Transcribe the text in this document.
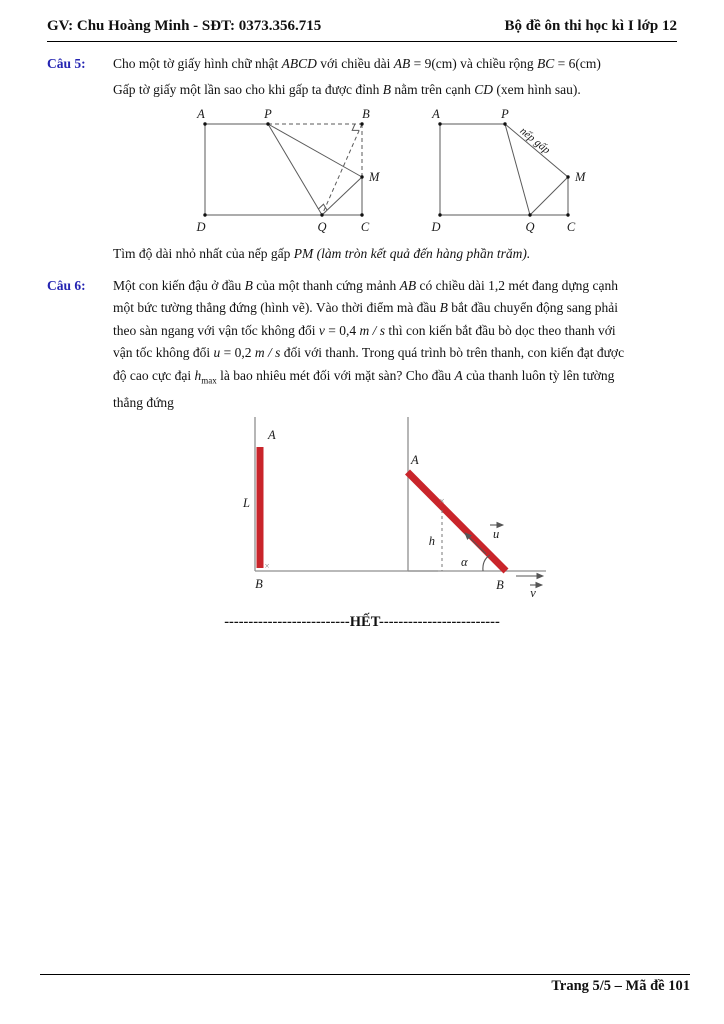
GV: Chu Hoàng Minh - SĐT: 0373.356.715	Bộ đề ôn thi học kì I lớp 12
Câu 5:	Cho một tờ giấy hình chữ nhật ABCD với chiều dài AB = 9(cm) và chiều rộng BC = 6(cm)
Gấp tờ giấy một lần sao cho khi gấp ta được đỉnh B nằm trên cạnh CD (xem hình sau).
A	P	B
M
D	Q	C
nếp gấp
A	P
M
D	Q	C
Tìm độ dài nhỏ nhất của nếp gấp PM (làm tròn kết quả đến hàng phần trăm).
Câu 6:	Một con kiến đậu ở đầu B của một thanh cứng mảnh AB có chiều dài 1,2 mét đang dựng cạnh
một bức tường thẳng đứng (hình vẽ). Vào thời điểm mà đầu B bắt đầu chuyển động sang phải
theo sàn ngang với vận tốc không đổi v = 0,4 m / s thì con kiến bắt đầu bò dọc theo thanh với
vận tốc không đổi u = 0,2 m / s đối với thanh. Trong quá trình bò trên thanh, con kiến đạt được
độ cao cực đại $h_{max}$ là bao nhiêu mét đối với mặt sàn? Cho đầu A của thanh luôn tỳ lên tường
thẳng đứng
A
L
B
×
A
×
h
α
u
B
v
--------------------------HẾT-------------------------
Trang 5/5 – Mã đề 101
